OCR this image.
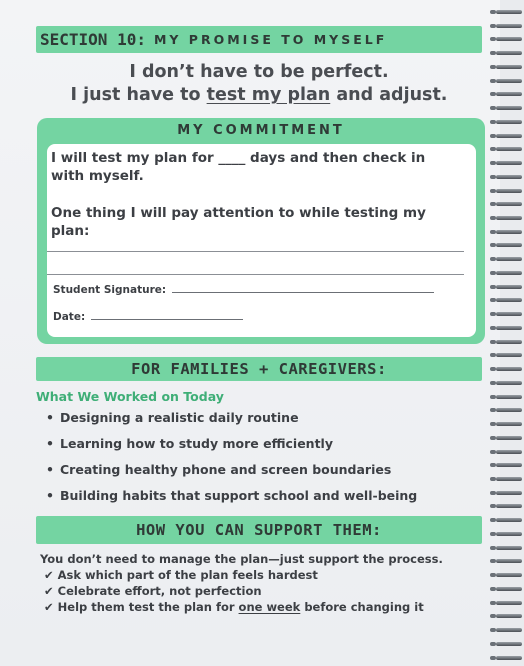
SECTION 10: MY PROMISE TO MYSELF
I don’t have to be perfect.
I just have to test my plan and adjust.
MY COMMITMENT
I will test my plan for ____ days and then check in
with myself.
One thing I will pay attention to while testing my
plan:
Student Signature:
Date:
FOR FAMILIES + CAREGIVERS:
What We Worked on Today
• Designing a realistic daily routine
• Learning how to study more efficiently
• Creating healthy phone and screen boundaries
• Building habits that support school and well-being
HOW YOU CAN SUPPORT THEM:
You don’t need to manage the plan—just support the process.
✔ Ask which part of the plan feels hardest
✔ Celebrate effort, not perfection
✔ Help them test the plan for one week before changing it
